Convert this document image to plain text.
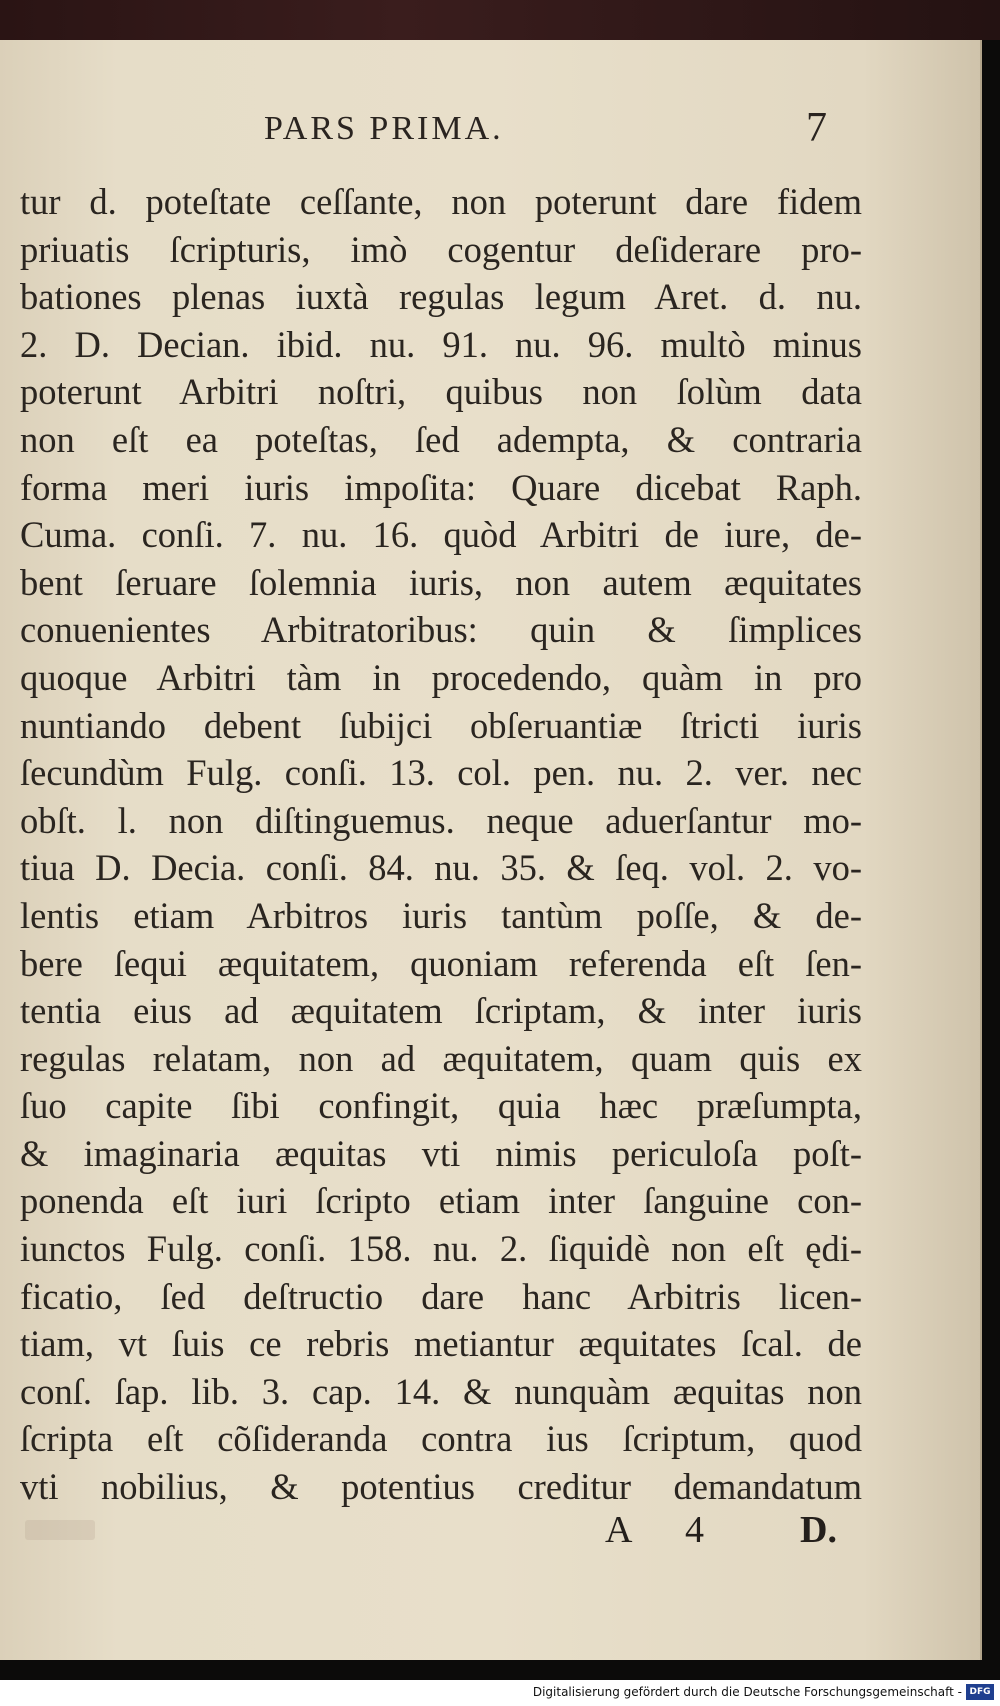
PARS PRIMA.	7
tur d. poteſtate ceſſante, non poterunt dare fidem
priuatis ſcripturis, imò cogentur deſiderare pro-
bationes plenas iuxtà regulas legum Aret. d. nu.
2. D. Decian. ibid. nu. 91. nu. 96. multò minus
poterunt Arbitri noſtri, quibus non ſolùm data
non eſt ea poteſtas, ſed adempta, & contraria
forma meri iuris impoſita: Quare dicebat Raph.
Cuma. conſi. 7. nu. 16. quòd Arbitri de iure, de-
bent ſeruare ſolemnia iuris, non autem æquitates
conuenientes Arbitratoribus: quin & ſimplices
quoque Arbitri tàm in procedendo, quàm in pro
nuntiando debent ſubijci obſeruantiæ ſtricti iuris
ſecundùm Fulg. conſi. 13. col. pen. nu. 2. ver. nec
obſt. l. non diſtinguemus. neque aduerſantur mo-
tiua D. Decia. conſi. 84. nu. 35. & ſeq. vol. 2. vo-
lentis etiam Arbitros iuris tantùm poſſe, & de-
bere ſequi æquitatem, quoniam referenda eſt ſen-
tentia eius ad æquitatem ſcriptam, & inter iuris
regulas relatam, non ad æquitatem, quam quis ex
ſuo capite ſibi confingit, quia hæc præſumpta,
& imaginaria æquitas vti nimis periculoſa poſt-
ponenda eſt iuri ſcripto etiam inter ſanguine con-
iunctos Fulg. conſi. 158. nu. 2. ſiquidè non eſt ędi-
ficatio, ſed deſtructio dare hanc Arbitris licen-
tiam, vt ſuis ce rebris metiantur æquitates ſcal. de
conſ. ſap. lib. 3. cap. 14. & nunquàm æquitas non
ſcripta eſt cõſideranda contra ius ſcriptum, quod
vti nobilius, & potentius creditur demandatum
A 4	D.
Digitalisierung gefördert durch die Deutsche Forschungsgemeinschaft - DFG
